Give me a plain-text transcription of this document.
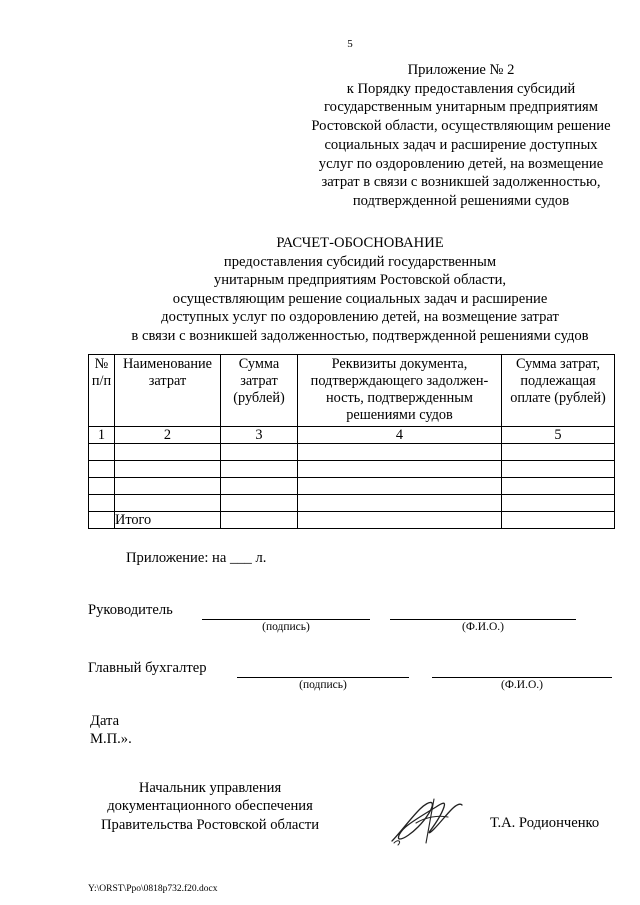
5
Приложение № 2
к Порядку предоставления субсидий
государственным унитарным предприятиям
Ростовской области, осуществляющим решение
социальных задач и расширение доступных
услуг по оздоровлению детей, на возмещение
затрат в связи с возникшей задолженностью,
подтвержденной решениями судов
РАСЧЕТ-ОБОСНОВАНИЕ
предоставления субсидий государственным
унитарным предприятиям Ростовской области,
осуществляющим решение социальных задач и расширение
доступных услуг по оздоровлению детей, на возмещение затрат
в связи с возникшей задолженностью, подтвержденной решениями судов
№ п/п	Наименование затрат	Сумма затрат (рублей)	Реквизиты документа, подтверждающего задолжен-ность, подтвержденным решениями судов	Сумма затрат, подлежащая оплате (рублей)
1	2	3	4	5

	Итого			
Приложение: на ___ л.
Руководитель
(подпись)	(Ф.И.О.)
Главный бухгалтер
(подпись)	(Ф.И.О.)
Дата
М.П.».
Начальник управления
документационного обеспечения
Правительства Ростовской области	Т.А. Родионченко
Y:\ORST\Ppo\0818p732.f20.docx
